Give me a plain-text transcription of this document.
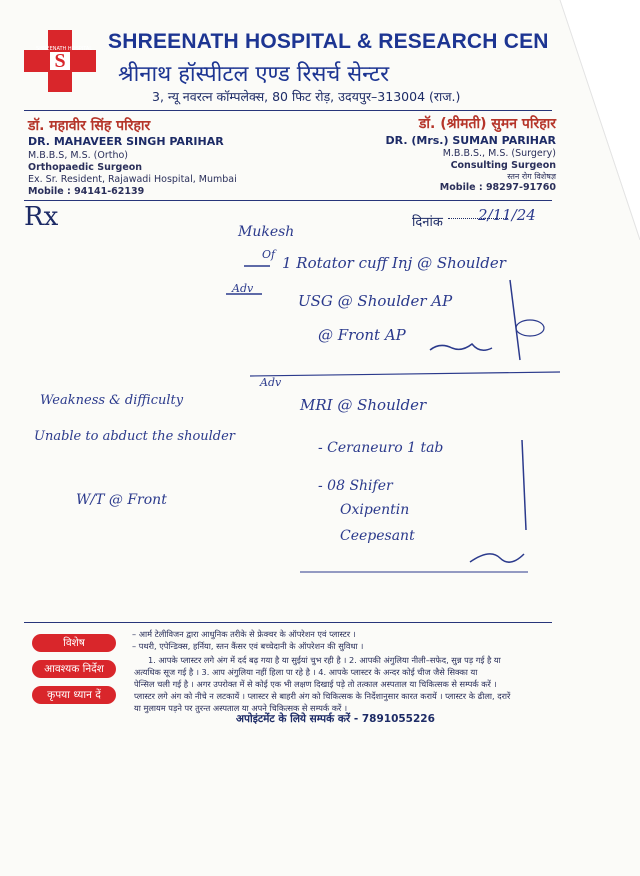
S
SHREENATH HOSPITAL SHREENATH HOSPITAL & RESEARCH CEN
श्रीनाथ हॉस्पीटल एण्ड रिसर्च सेन्टर
3, न्यू नवरत्न कॉम्पलेक्स, 80 फिट रोड़, उदयपुर–313004 (राज.)
डॉ. महावीर सिंह परिहार
DR. MAHAVEER SINGH PARIHAR
M.B.B.S, M.S. (Ortho)
Orthopaedic Surgeon
Ex. Sr. Resident, Rajawadi Hospital, Mumbai
Mobile : 94141-62139
डॉ. (श्रीमती) सुमन परिहार
DR. (Mrs.) SUMAN PARIHAR
M.B.B.S., M.S. (Surgery)
Consulting Surgeon
स्तन रोग विशेषज्ञ
Mobile : 98297-91760
Rx	दिनांक 2/11/24
Mukesh
Of 1 Rotator cuff Inj @ Shoulder
Adv
USG @ Shoulder AP
@ Front AP
Adv
MRI @ Shoulder
- Ceraneuro 1 tab
- 08 Shifer
Oxipentin
Ceepesant
Weakness & difficulty
Unable to abduct the shoulder
W/T @ Front
विशेष
आवश्यक निर्देश
कृपया ध्यान दें
– आर्म टेलीविजन द्वारा आधुनिक तरीके से फ्रेक्चर के ऑपरेशन एवं प्लास्टर ।
– पथरी, एपेन्डिक्स, हर्निया, स्तन कैंसर एवं बच्चेदानी के ऑपरेशन की सुविधा ।
1. आपके प्लास्टर लगे अंग में दर्द बढ़ गया है या सुईयां चुभ रही है । 2. आपकी अंगुलिया नीली–सफेद, सुन्न पड़ गई है या
अत्यधिक सूज गई है । 3. आप अंगुलिया नहीं हिला पा रहे है । 4. आपके प्लास्टर के अन्दर कोई चीज जैसे सिक्का या
पेन्सिल चली गई है । अगर उपरोक्त में से कोई एक भी लक्षण दिखाई पड़े तो तत्काल अस्पताल या चिकित्सक से सम्पर्क करें ।
प्लास्टर लगे अंग को नीचे न लटकायें । प्लास्टर से बाहरी अंग को चिकित्सक के निर्देशानुसार कारत करायें । प्लास्टर के ढीला, दरारें
या मुलायम पड़ने पर तुरन्त अस्पताल या अपने चिकित्सक से सम्पर्क करें ।
अपोइंटमेंट के लिये सम्पर्क करें - 7891055226
